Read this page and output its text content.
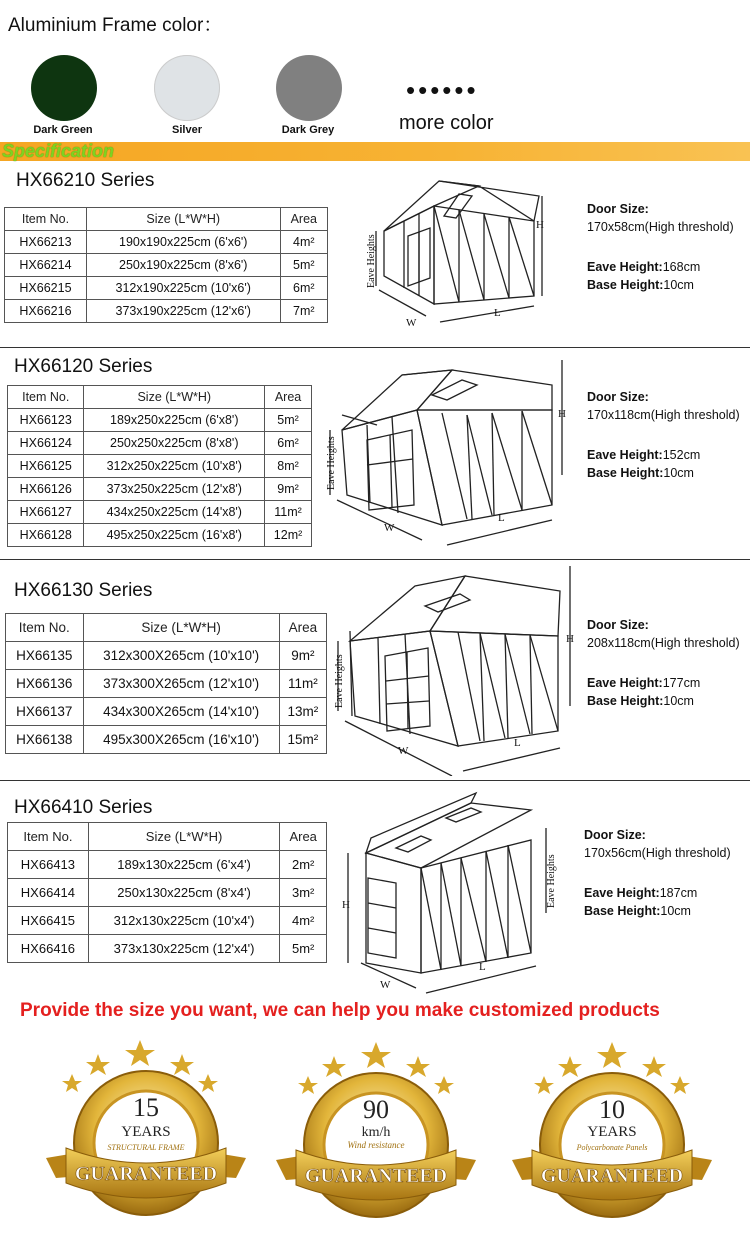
Aluminium Frame color：
Dark Green	Silver	Dark Grey
••••••
more color
Specification
HX66210 Series
Item No.	Size (L*W*H)	Area
HX66213	190x190x225cm (6'x6')	4m²
HX66214	250x190x225cm (8'x6')	5m²
HX66215	312x190x225cm (10'x6')	6m²
HX66216	373x190x225cm (12'x6')	7m²
H
W
L
Eave Heights
Door Size:
170x58cm(High threshold)
Eave Height:168cm
Base Height:10cm
HX66120 Series
Item No.	Size (L*W*H)	Area
HX66123	189x250x225cm (6'x8')	5m²
HX66124	250x250x225cm (8'x8')	6m²
HX66125	312x250x225cm (10'x8')	8m²
HX66126	373x250x225cm (12'x8')	9m²
HX66127	434x250x225cm (14'x8')	11m²
HX66128	495x250x225cm (16'x8')	12m²
H
W
L
Eave Heights
Door Size:
170x118cm(High threshold)
Eave Height:152cm
Base Height:10cm
HX66130 Series
Item No.	Size (L*W*H)	Area
HX66135	312x300X265cm (10'x10')	9m²
HX66136	373x300X265cm (12'x10')	11m²
HX66137	434x300X265cm (14'x10')	13m²
HX66138	495x300X265cm (16'x10')	15m²
H
W
L
Eave Heights
Door Size:
208x118cm(High threshold)
Eave Height:177cm
Base Height:10cm
HX66410 Series
Item No.	Size (L*W*H)	Area
HX66413	189x130x225cm (6'x4')	2m²
HX66414	250x130x225cm (8'x4')	3m²
HX66415	312x130x225cm (10'x4')	4m²
HX66416	373x130x225cm (12'x4')	5m²
H
W
L
Eave Heights
Door Size:
170x56cm(High threshold)
Eave Height:187cm
Base Height:10cm
Provide the size you want, we can help you make customized products
15
YEARS
STRUCTURAL FRAME
GUARANTEED
90
km/h
Wind resistance
GUARANTEED
10
YEARS
Polycarbonate Panels
GUARANTEED
